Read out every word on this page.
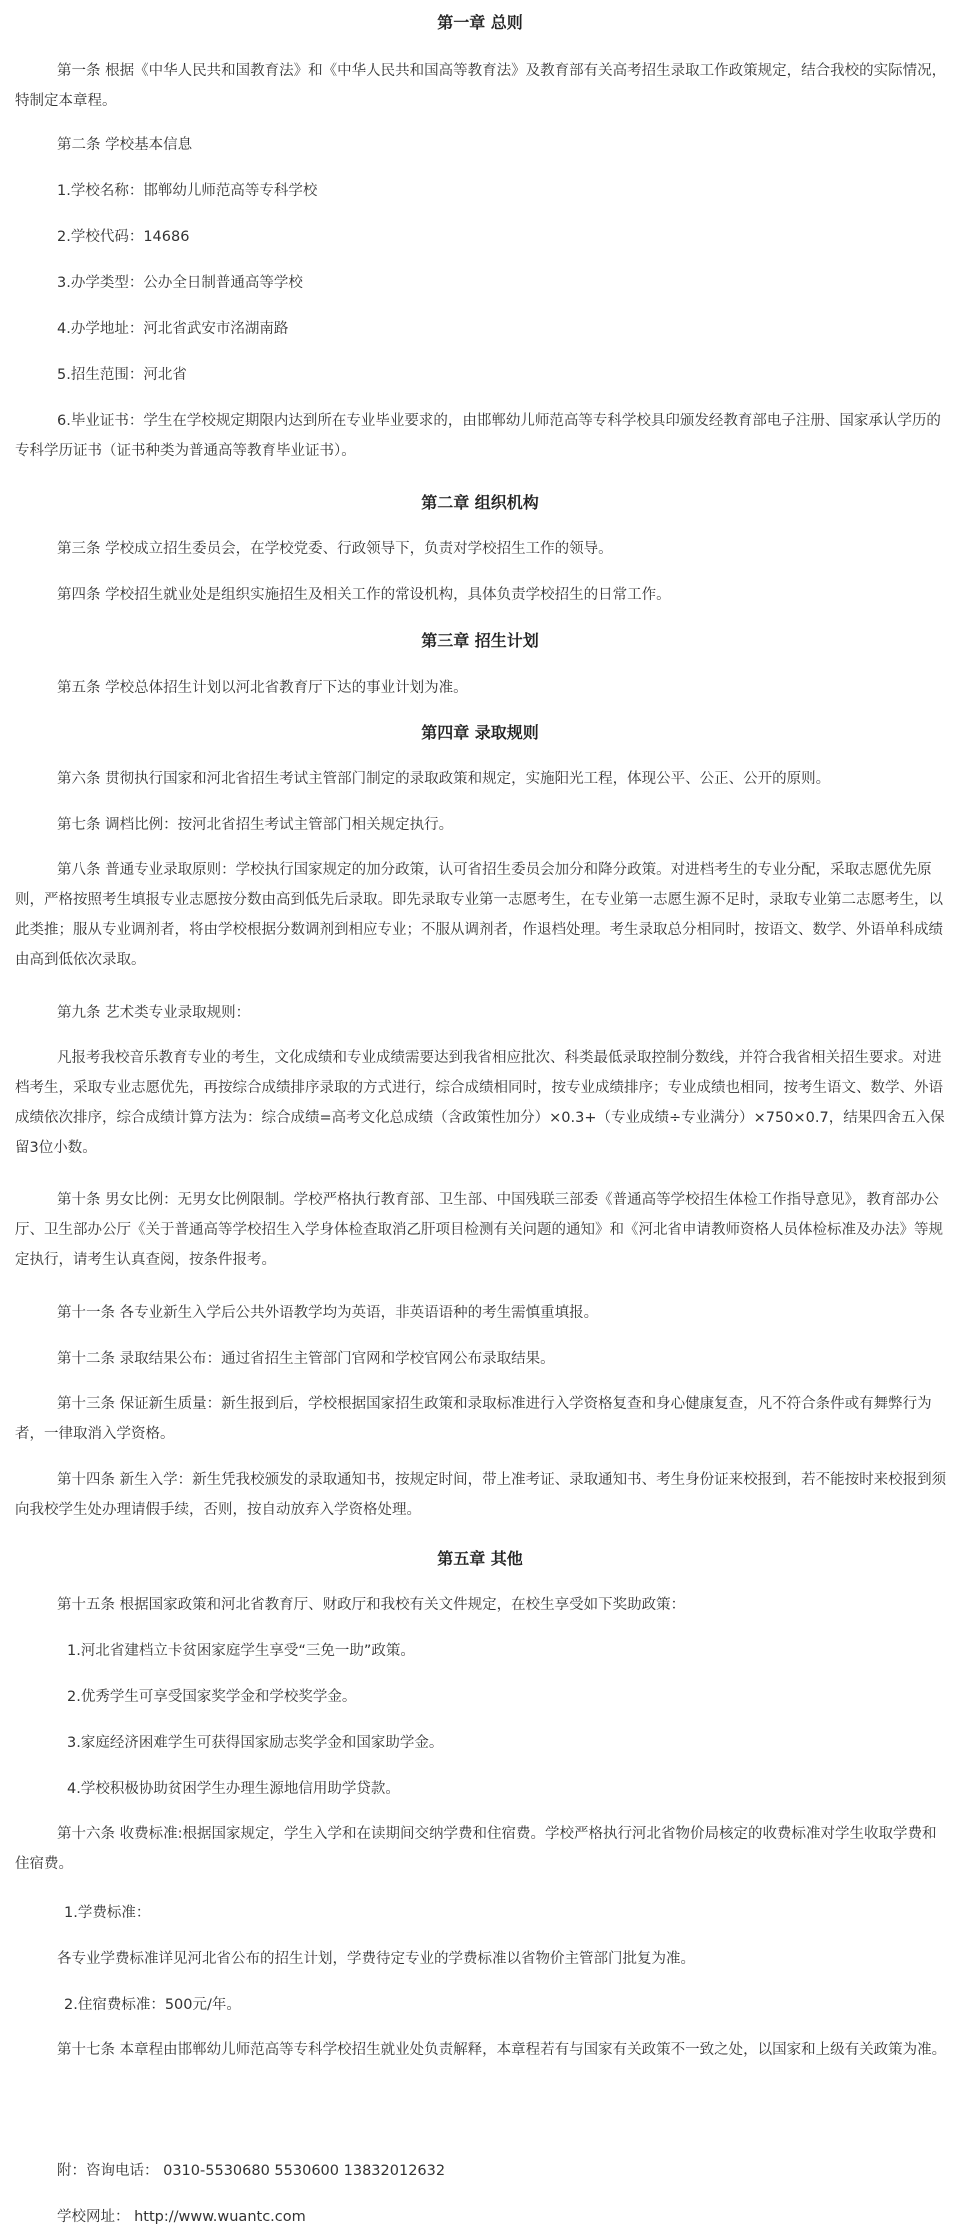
第一章 总则
第一条 根据《中华人民共和国教育法》和《中华人民共和国高等教育法》及教育部有关高考招生录取工作政策规定，结合我校的实际情况，特制定本章程。
第二条 学校基本信息
1.学校名称：邯郸幼儿师范高等专科学校
2.学校代码：14686
3.办学类型：公办全日制普通高等学校
4.办学地址：河北省武安市洺湖南路
5.招生范围：河北省
6.毕业证书：学生在学校规定期限内达到所在专业毕业要求的，由邯郸幼儿师范高等专科学校具印颁发经教育部电子注册、国家承认学历的专科学历证书（证书种类为普通高等教育毕业证书）。
第二章 组织机构
第三条 学校成立招生委员会，在学校党委、行政领导下，负责对学校招生工作的领导。
第四条 学校招生就业处是组织实施招生及相关工作的常设机构，具体负责学校招生的日常工作。
第三章 招生计划
第五条 学校总体招生计划以河北省教育厅下达的事业计划为准。
第四章 录取规则
第六条 贯彻执行国家和河北省招生考试主管部门制定的录取政策和规定，实施阳光工程，体现公平、公正、公开的原则。
第七条 调档比例：按河北省招生考试主管部门相关规定执行。
第八条 普通专业录取原则：学校执行国家规定的加分政策，认可省招生委员会加分和降分政策。对进档考生的专业分配，采取志愿优先原则，严格按照考生填报专业志愿按分数由高到低先后录取。即先录取专业第一志愿考生，在专业第一志愿生源不足时，录取专业第二志愿考生，以此类推；服从专业调剂者，将由学校根据分数调剂到相应专业；不服从调剂者，作退档处理。考生录取总分相同时，按语文、数学、外语单科成绩由高到低依次录取。
第九条 艺术类专业录取规则：
凡报考我校音乐教育专业的考生，文化成绩和专业成绩需要达到我省相应批次、科类最低录取控制分数线，并符合我省相关招生要求。对进档考生，采取专业志愿优先，再按综合成绩排序录取的方式进行，综合成绩相同时，按专业成绩排序；专业成绩也相同，按考生语文、数学、外语成绩依次排序，综合成绩计算方法为：综合成绩=高考文化总成绩（含政策性加分）×0.3+（专业成绩÷专业满分）×750×0.7，结果四舍五入保留3位小数。
第十条 男女比例：无男女比例限制。学校严格执行教育部、卫生部、中国残联三部委《普通高等学校招生体检工作指导意见》，教育部办公厅、卫生部办公厅《关于普通高等学校招生入学身体检查取消乙肝项目检测有关问题的通知》和《河北省申请教师资格人员体检标准及办法》等规定执行，请考生认真查阅，按条件报考。
第十一条 各专业新生入学后公共外语教学均为英语，非英语语种的考生需慎重填报。
第十二条 录取结果公布：通过省招生主管部门官网和学校官网公布录取结果。
第十三条 保证新生质量：新生报到后，学校根据国家招生政策和录取标准进行入学资格复查和身心健康复查，凡不符合条件或有舞弊行为者，一律取消入学资格。
第十四条 新生入学：新生凭我校颁发的录取通知书，按规定时间，带上准考证、录取通知书、考生身份证来校报到，若不能按时来校报到须向我校学生处办理请假手续，否则，按自动放弃入学资格处理。
第五章 其他
第十五条 根据国家政策和河北省教育厅、财政厅和我校有关文件规定，在校生享受如下奖助政策：
1.河北省建档立卡贫困家庭学生享受“三免一助”政策。
2.优秀学生可享受国家奖学金和学校奖学金。
3.家庭经济困难学生可获得国家励志奖学金和国家助学金。
4.学校积极协助贫困学生办理生源地信用助学贷款。
第十六条 收费标准:根据国家规定，学生入学和在读期间交纳学费和住宿费。学校严格执行河北省物价局核定的收费标准对学生收取学费和住宿费。
1.学费标准：
各专业学费标准详见河北省公布的招生计划，学费待定专业的学费标准以省物价主管部门批复为准。
2.住宿费标准：500元/年。
第十七条 本章程由邯郸幼儿师范高等专科学校招生就业处负责解释，本章程若有与国家有关政策不一致之处，以国家和上级有关政策为准。
附：咨询电话： 0310-5530680 5530600 13832012632
学校网址： http://www.wuantc.com
